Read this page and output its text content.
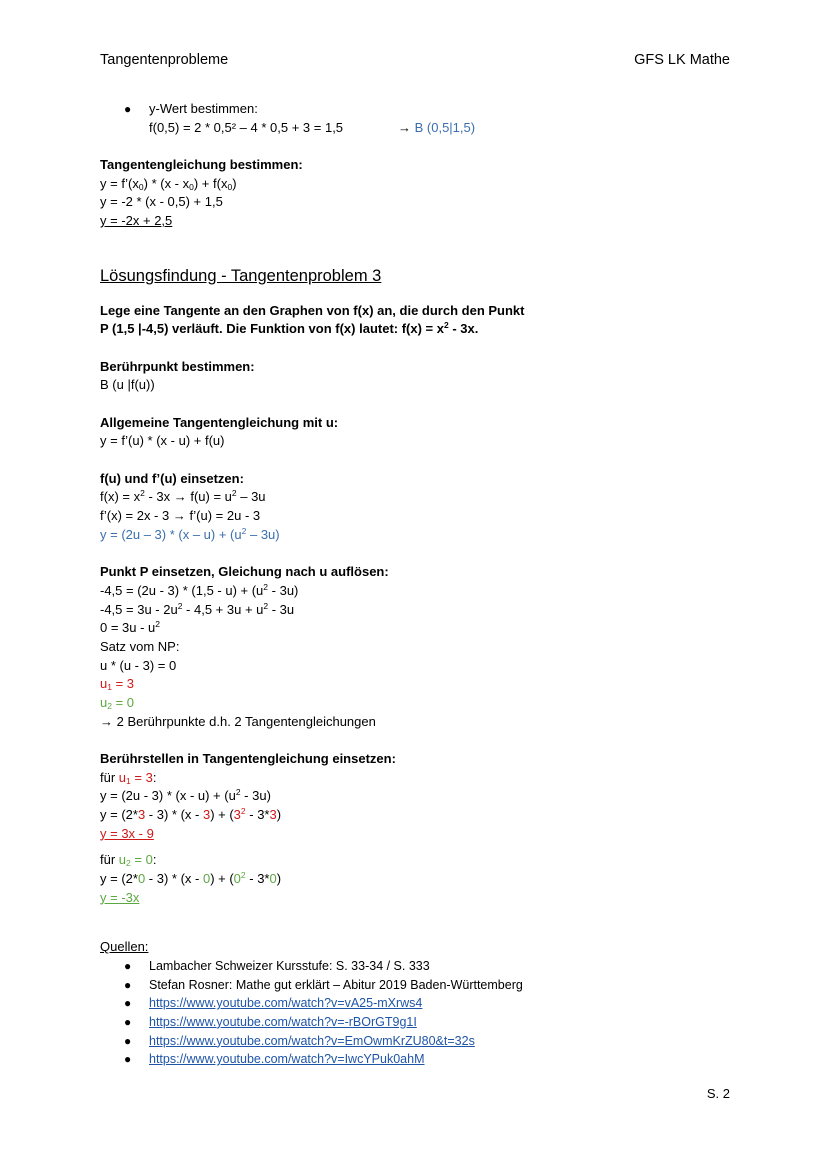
Tangentenprobleme	GFS LK Mathe
● y-Wert bestimmen:
f(0,5) = 2 * 0,5² – 4 * 0,5 + 3 = 1,5	→ B (0,5|1,5)
Tangentengleichung bestimmen:
$y = f’(x_0) * (x - x_0) + f(x_0)$
y = -2 * (x - 0,5) + 1,5
y = -2x + 2,5
Lösungsfindung - Tangentenproblem 3
Lege eine Tangente an den Graphen von f(x) an, die durch den Punkt
P (1,5 |-4,5) verläuft. Die Funktion von f(x) lautet: $f(x) = x^2 - 3x$.
Berührpunkt bestimmen:
B (u |f(u))
Allgemeine Tangentengleichung mit u:
y = f’(u) * (x - u) + f(u)
f(u) und f’(u) einsetzen:
$f(x) = x^2 - 3x \to f(u) = u^2 - 3u$
f’(x) = 2x - 3 → f’(u) = 2u - 3
$y = (2u - 3) * (x - u) + (u^2 - 3u)$
Punkt P einsetzen, Gleichung nach u auflösen:
$-4,5 = (2u - 3) * (1,5 - u) + (u^2 - 3u)$
$-4,5 = 3u - 2u^2 - 4,5 + 3u + u^2 - 3u$
$0 = 3u - u^2$
Satz vom NP:
u * (u - 3) = 0
$u_1 = 3$
$u_2 = 0$
→ 2 Berührpunkte d.h. 2 Tangentengleichungen
Berührstellen in Tangentengleichung einsetzen:
für $u_1 = 3$:
$y = (2u - 3) * (x - u) + (u^2 - 3u)$
$y = (2*3 - 3) * (x - 3) + (3^2 - 3*3)$
y = 3x - 9
für $u_2 = 0$:
$y = (2*0 - 3) * (x - 0) + (0^2 - 3*0)$
y = -3x
Quellen:
● Lambacher Schweizer Kursstufe: S. 33-34 / S. 333
● Stefan Rosner: Mathe gut erklärt – Abitur 2019 Baden-Württemberg
● https://www.youtube.com/watch?v=vA25-mXrws4
● https://www.youtube.com/watch?v=-rBOrGT9g1I
● https://www.youtube.com/watch?v=EmOwmKrZU80&t=32s
● https://www.youtube.com/watch?v=IwcYPuk0ahM
S. 2
